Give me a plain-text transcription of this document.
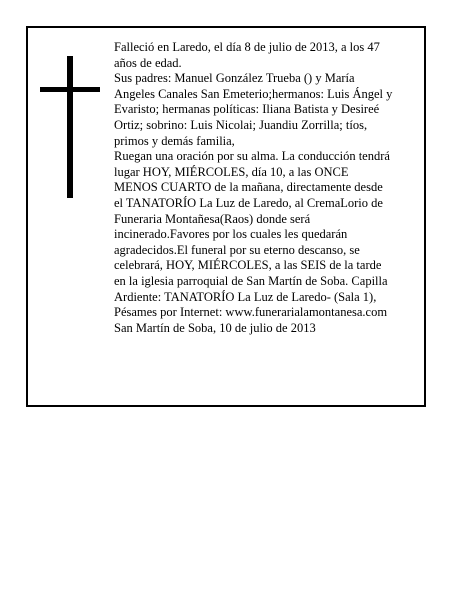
Falleció en Laredo, el día 8 de julio de 2013, a los 47
años de edad.
Sus padres: Manuel González Trueba () y María
Angeles Canales San Emeterio;hermanos: Luis Ángel y
Evaristo; hermanas políticas: Iliana Batista y Desireé
Ortiz; sobrino: Luis Nicolai; Juandiu Zorrilla; tíos,
primos y demás familia,
Ruegan una oración por su alma. La conducción tendrá
lugar HOY, MIÉRCOLES, día 10, a las ONCE
MENOS CUARTO de la mañana, directamente desde
el TANATORÍO La Luz de Laredo, al CremaLorio de
Funeraria Montañesa(Raos) donde será
incinerado.Favores por los cuales les quedarán
agradecidos.El funeral por su eterno descanso, se
celebrará, HOY, MIÉRCOLES, a las SEIS de la tarde
en la iglesia parroquial de San Martín de Soba. Capilla
Ardiente: TANATORÍO La Luz de Laredo- (Sala 1),
Pésames por Internet: www.funerarialamontanesa.com
San Martín de Soba, 10 de julio de 2013
